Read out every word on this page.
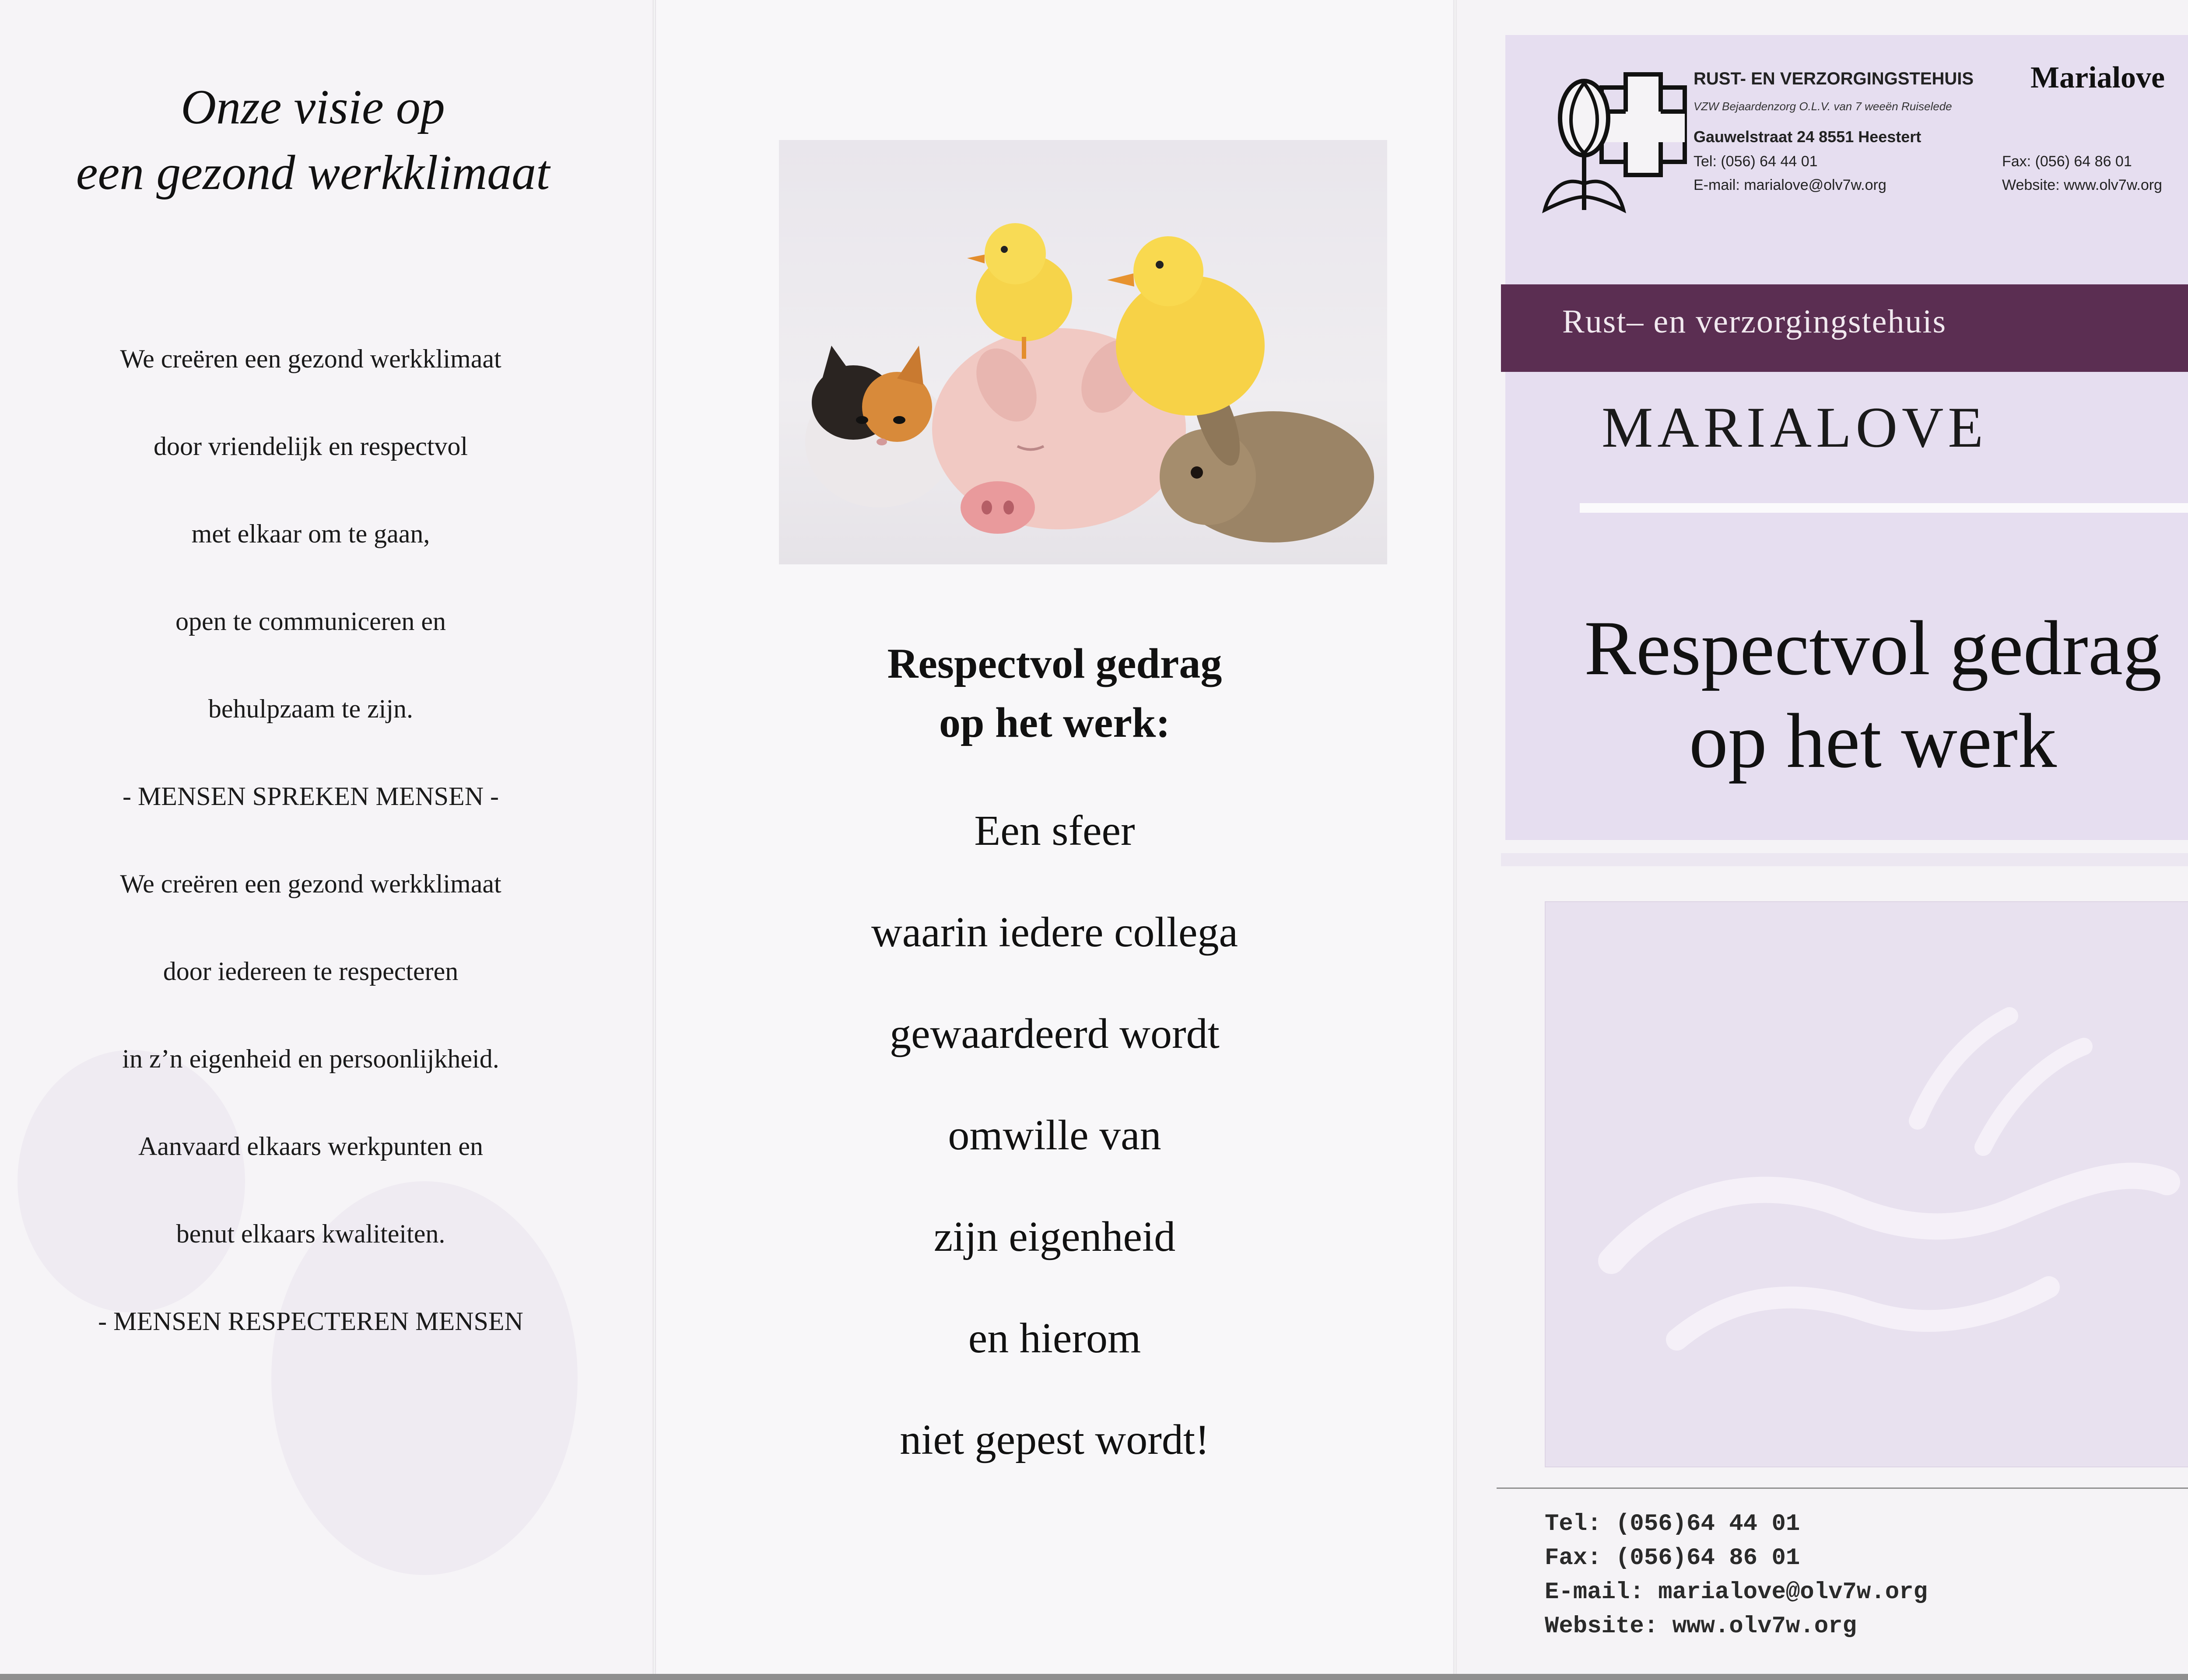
Onze visie op
een gezond werkklimaat
We creëren een gezond werkklimaat
door vriendelijk en respectvol
met elkaar om te gaan,
open te communiceren en
behulpzaam te zijn.
- MENSEN SPREKEN MENSEN -
We creëren een gezond werkklimaat
door iedereen te respecteren
in z’n eigenheid en persoonlijkheid.
Aanvaard elkaars werkpunten en
benut elkaars kwaliteiten.
- MENSEN RESPECTEREN MENSEN
Respectvol gedrag
op het werk:
Een sfeer
waarin iedere collega
gewaardeerd wordt
omwille van
zijn eigenheid
en hierom
niet gepest wordt!
RUST- EN VERZORGINGSTEHUIS Marialove
VZW Bejaardenzorg O.L.V. van 7 weeën Ruiselede
Gauwelstraat 24 8551 Heestert
Tel: (056) 64 44 01	Fax: (056) 64 86 01
E-mail: marialove@olv7w.org	Website: www.olv7w.org
Rust– en verzorgingstehuis
MARIALOVE
Respectvol gedrag
op het werk
Tel: (056)64 44 01
Fax: (056)64 86 01
E-mail: marialove@olv7w.org
Website: www.olv7w.org
